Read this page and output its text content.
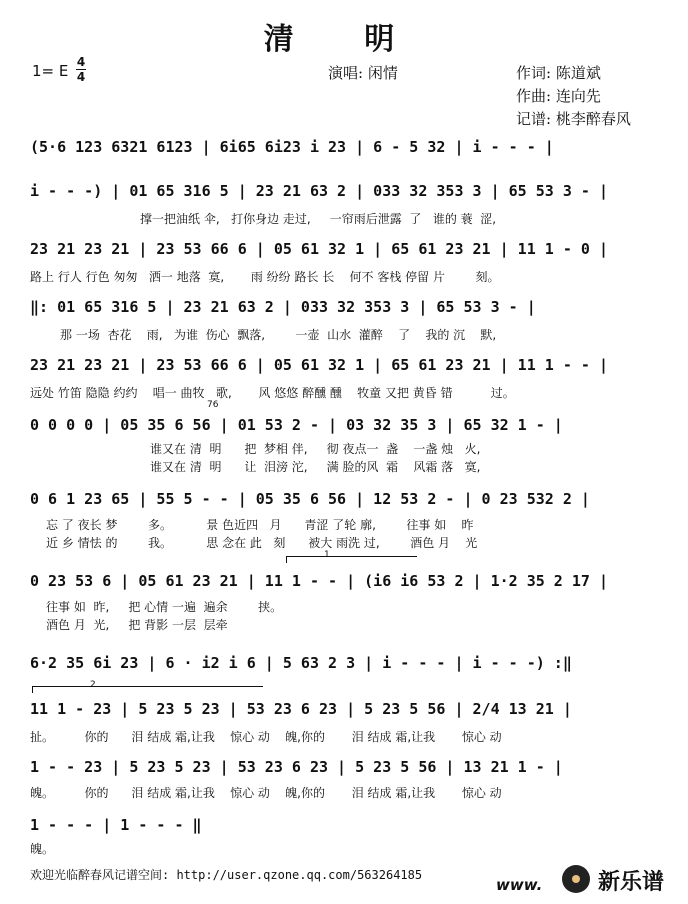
清 明
1= E 4
4	演唱: 闲情	作词: 陈道斌
作曲: 连向先
记谱: 桃李醉春风
(5·6 123 6321 6123 | 6i65 6i23 i 23 | 6 - 5 32 | i - - - |
i - - -) | 01 65 316 5 | 23 21 63 2 | 033 32 353 3 | 65 53 3 - |
撑一把油纸 伞,   打你身边 走过,     一帘雨后泄露  了   谁的 蓑  涩,
23 21 23 21 | 23 53 66 6 | 05 61 32 1 | 65 61 23 21 | 11 1 - 0 |
路上 行人 行色 匆匆   洒一 地落  寞,       雨 纷纷 路长 长    何不 客栈 停留 片        刻。
‖: 01 65 316 5 | 23 21 63 2 | 033 32 353 3 | 65 53 3 - |
那 一场  杏花    雨,   为谁  伤心  飘落,        一壶  山水  灌醉    了    我的 沉    默,
23 21 23 21 | 23 53 66 6 | 05 61 32 1 | 65 61 23 21 | 11 1 - - |
远处 竹笛 隐隐 约约    唱一 曲牧   歌,       风 悠悠 醉醺 醺    牧童 又把 黄昏 错          过。
76
0 0 0 0 | 05 35 6 56 | 01 53 2 - | 03 32 35 3 | 65 32 1 - |
谁又在 清  明      把  梦相 伴,     彻 夜点一  盏    一盏 烛   火,
谁又在 清  明      让  泪滂 沱,     满 脸的风  霜    风霜 落   寞,
0 6 1 23 65 | 55 5 - - | 05 35 6 56 | 12 53 2 - | 0 23 532 2 |
忘 了 夜长 梦        多。         景 色近四   月      青涩 了轮 廓,        往事 如    昨
近 乡 情怯 的        我。         思 念在 此   刻      被大 雨洗 过,        酒色 月    光
1
0 23 53 6 | 05 61 23 21 | 11 1 - - | (i6 i6 53 2 | 1·2 35 2 17 |
往事 如  昨,     把 心情 一遍  遍余        挟。
酒色 月  光,     把 背影 一层  层牵
6·2 35 6i 23 | 6 · i2 i 6 | 5 63 2 3 | i - - - | i - - -) :‖
2
11 1 - 23 | 5 23 5 23 | 53 23 6 23 | 5 23 5 56 | 2/4 13 21 |
扯。        你的      泪 结成 霜,让我    惊心 动    魄,你的       泪 结成 霜,让我       惊心 动
1 - - 23 | 5 23 5 23 | 53 23 6 23 | 5 23 5 56 | 13 21 1 - |
魄。        你的      泪 结成 霜,让我    惊心 动    魄,你的       泪 结成 霜,让我       惊心 动
1 - - - | 1 - - - ‖
魄。
欢迎光临醉春风记谱空间: http://user.qzone.qq.com/563264185
www.	新乐谱
